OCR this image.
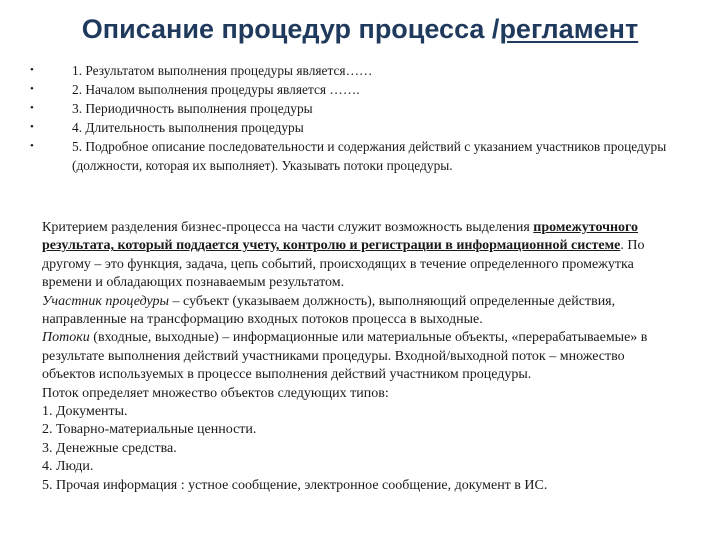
Описание процедур процесса /регламент
•	1. Результатом выполнения процедуры является……
•	2. Началом выполнения процедуры является …….
•	3. Периодичность выполнения процедуры
•	4. Длительность выполнения процедуры
•	5. Подробное описание последовательности и содержания действий с указанием участников процедуры (должности, которая их выполняет). Указывать потоки процедуры.

Критерием разделения бизнес-процесса на части служит возможность выделения промежуточного результата, который поддается учету, контролю и регистрации в информационной системе. По другому – это функция, задача, цепь событий, происходящих в течение определенного промежутка времени и обладающих познаваемым результатом.

Участник процедуры – субъект (указываем должность), выполняющий определенные действия, направленные на трансформацию входных потоков процесса в выходные.

Потоки (входные, выходные) – информационные или материальные объекты, «перерабатываемые» в результате выполнения действий участниками процедуры. Входной/выходной поток – множество объектов используемых в процессе выполнения действий участником процедуры.

Поток определяет множество объектов следующих типов:

1. Документы.

2. Товарно-материальные ценности.

3. Денежные средства.

4. Люди.

5. Прочая информация : устное сообщение, электронное сообщение, документ в ИС.
